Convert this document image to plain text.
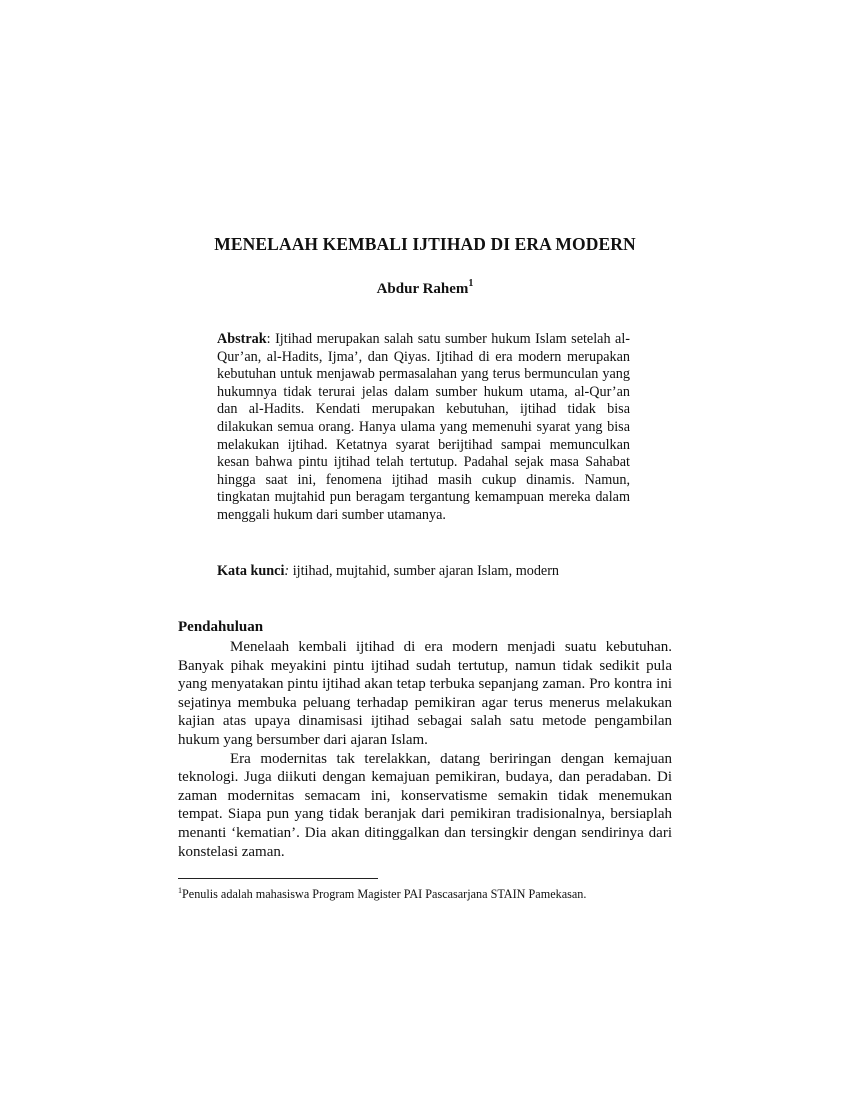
MENELAAH KEMBALI IJTIHAD DI ERA MODERN
Abdur Rahem$^1$
Abstrak: Ijtihad merupakan salah satu sumber hukum Islam setelah al-Qur’an, al-Hadits, Ijma’, dan Qiyas. Ijtihad di era modern merupakan kebutuhan untuk menjawab permasalahan yang terus bermunculan yang hukumnya tidak terurai jelas dalam sumber hukum utama, al-Qur’an dan al-Hadits. Kendati merupakan kebutuhan, ijtihad tidak bisa dilakukan semua orang. Hanya ulama yang memenuhi syarat yang bisa melakukan ijtihad. Ketatnya syarat berijtihad sampai memunculkan kesan bahwa pintu ijtihad telah tertutup. Padahal sejak masa Sahabat hingga saat ini, fenomena ijtihad masih cukup dinamis. Namun, tingkatan mujtahid pun beragam tergantung kemampuan mereka dalam menggali hukum dari sumber utamanya.
Kata kunci: ijtihad, mujtahid, sumber ajaran Islam, modern
Pendahuluan

Menelaah kembali ijtihad di era modern menjadi suatu kebutuhan. Banyak pihak meyakini pintu ijtihad sudah tertutup, namun tidak sedikit pula yang menyatakan pintu ijtihad akan tetap terbuka sepanjang zaman. Pro kontra ini sejatinya membuka peluang terhadap pemikiran agar terus menerus melakukan kajian atas upaya dinamisasi ijtihad sebagai salah satu metode pengambilan hukum yang bersumber dari ajaran Islam.

Era modernitas tak terelakkan, datang beriringan dengan kemajuan teknologi. Juga diikuti dengan kemajuan pemikiran, budaya, dan peradaban. Di zaman modernitas semacam ini, konservatisme semakin tidak menemukan tempat. Siapa pun yang tidak beranjak dari pemikiran tradisionalnya, bersiaplah menanti ‘kematian’. Dia akan ditinggalkan dan tersingkir dengan sendirinya dari konstelasi zaman.

$^1$Penulis adalah mahasiswa Program Magister PAI Pascasarjana STAIN Pamekasan.
